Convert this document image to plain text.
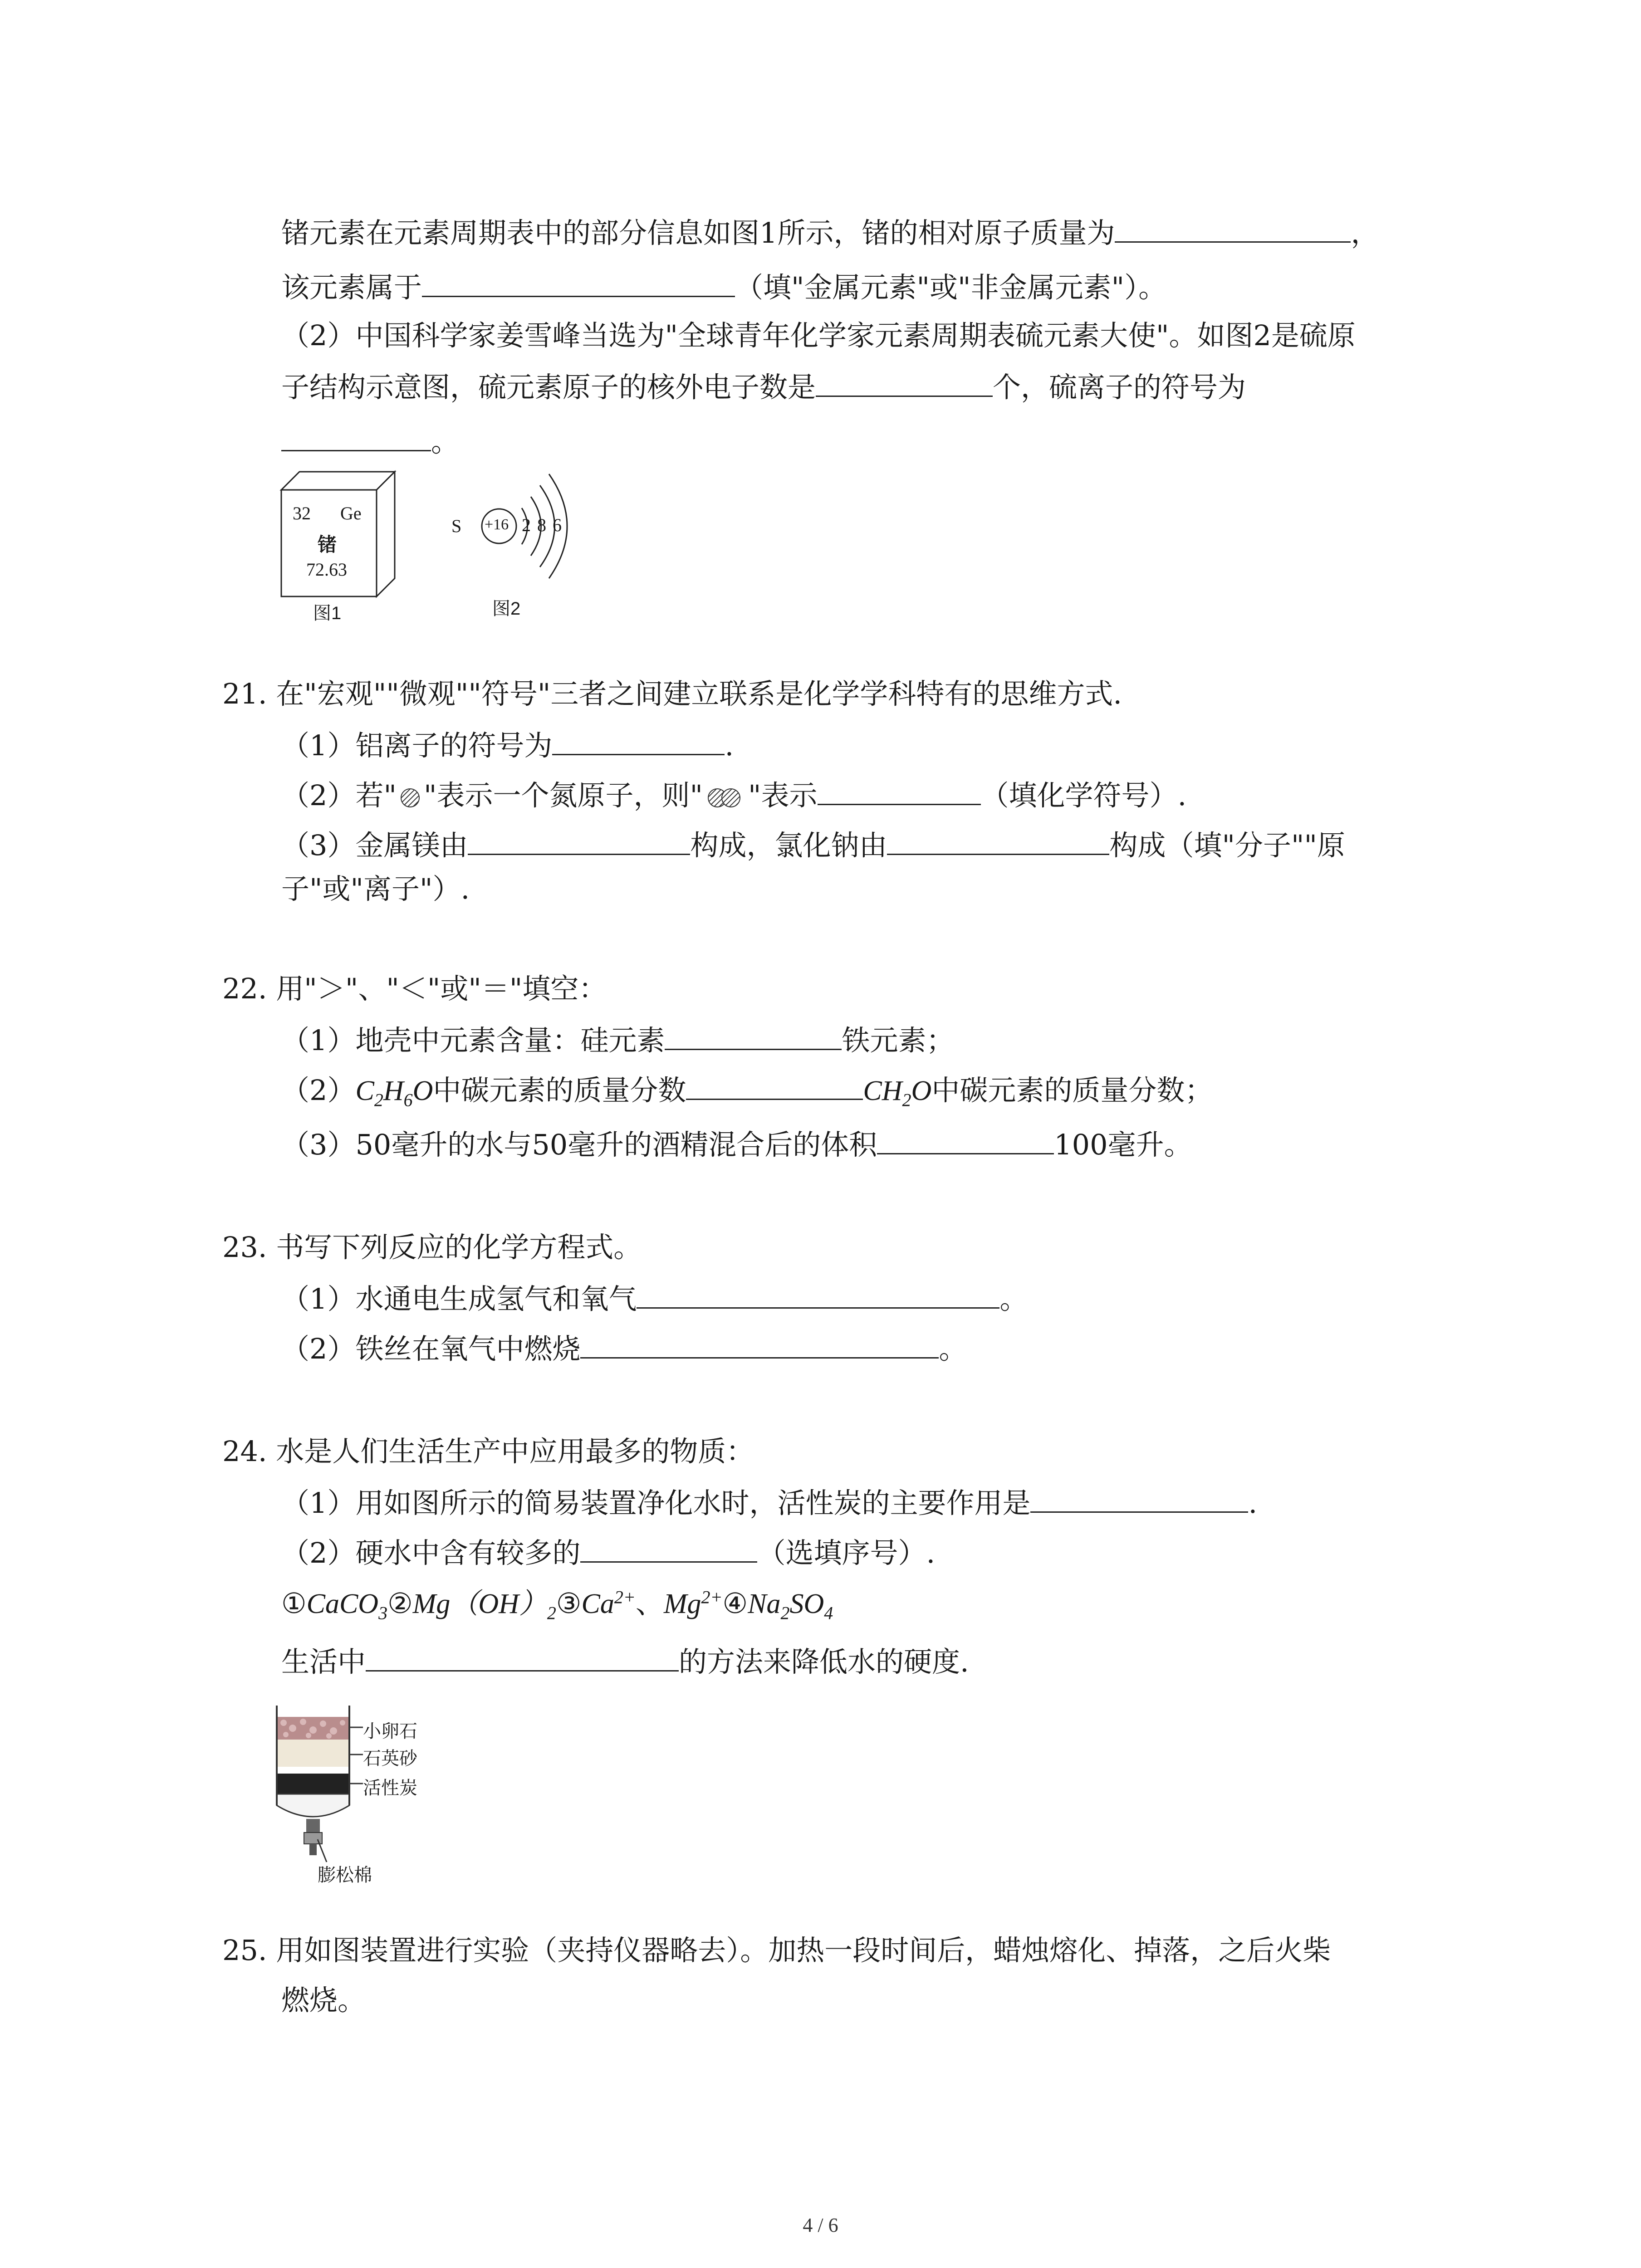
锗元素在元素周期表中的部分信息如图1所示，锗的相对原子质量为	，
该元素属于	（填"金属元素"或"非金属元素"）。
（2）中国科学家姜雪峰当选为"全球青年化学家元素周期表硫元素大使"。如图2是硫原
子结构示意图，硫元素原子的核外电子数是	个，硫离子的符号为
。
32 Ge
锗
72.63
图1
S +16 2 8 6
图2
21. 在"宏观""微观""符号"三者之间建立联系是化学学科特有的思维方式.
（1）铝离子的符号为	.
（2）若" "表示一个氮原子，则" "表示	（填化学符号）.
（3）金属镁由	构成，氯化钠由	构成（填"分子""原
子"或"离子"）.
22. 用"＞"、"＜"或"＝"填空：
（1）地壳中元素含量：硅元素	铁元素；
$(2)C_2H_6O$中碳元素的质量分数	$CH_2O$中碳元素的质量分数；
（3）50毫升的水与50毫升的酒精混合后的体积	100毫升。
23. 书写下列反应的化学方程式。
（1）水通电生成氢气和氧气	。
（2）铁丝在氧气中燃烧	。
24. 水是人们生活生产中应用最多的物质：
（1）用如图所示的简易装置净化水时，活性炭的主要作用是	.
（2）硬水中含有较多的	（选填序号）.
$①CaCO_3②Mg(OH)_2③Ca^{2+}$、$Mg^{2+}④Na_2SO_4$
生活中	的方法来降低水的硬度.
小卵石
石英砂
活性炭
膨松棉
25. 用如图装置进行实验（夹持仪器略去）。加热一段时间后，蜡烛熔化、掉落，之后火柴
燃烧。
4 / 6
